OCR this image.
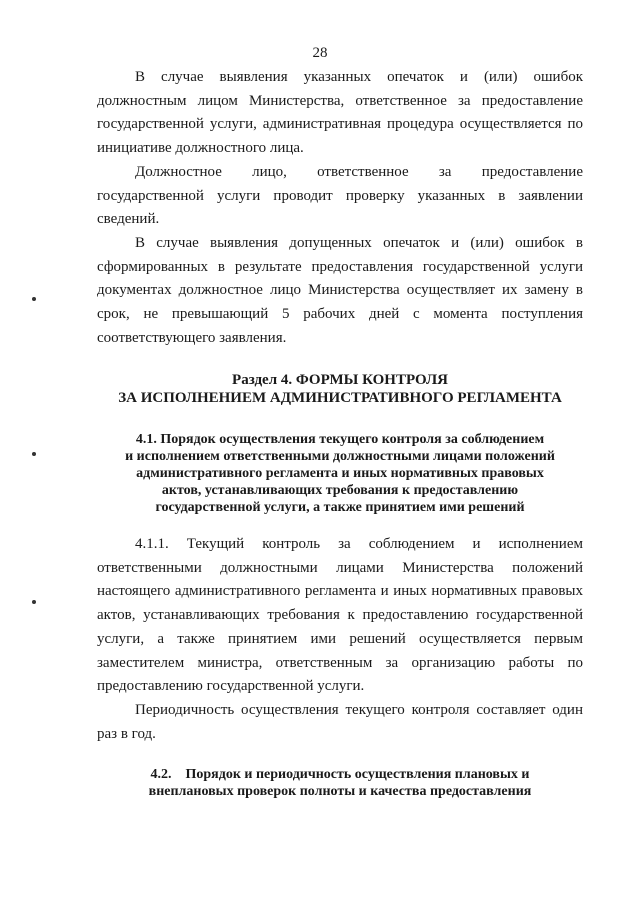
28

В случае выявления указанных опечаток и (или) ошибок должностным лицом Министерства, ответственное за предоставление государственной услуги, административная процедура осуществляется по инициативе должностного лица.

Должностное лицо, ответственное за предоставление государственной услуги проводит проверку указанных в заявлении сведений.

В случае выявления допущенных опечаток и (или) ошибок в сформированных в результате предоставления государственной услуги документах должностное лицо Министерства осуществляет их замену в срок, не превышающий 5 рабочих дней с момента поступления соответствующего заявления.

Раздел 4. ФОРМЫ КОНТРОЛЯ
ЗА ИСПОЛНЕНИЕМ АДМИНИСТРАТИВНОГО РЕГЛАМЕНТА
4.1. Порядок осуществления текущего контроля за соблюдением
и исполнением ответственными должностными лицами положений
административного регламента и иных нормативных правовых
актов, устанавливающих требования к предоставлению
государственной услуги, а также принятием ими решений

4.1.1. Текущий контроль за соблюдением и исполнением ответственными должностными лицами Министерства положений настоящего административного регламента и иных нормативных правовых актов, устанавливающих требования к предоставлению государственной услуги, а также принятием ими решений осуществляется первым заместителем министра, ответственным за организацию работы по предоставлению государственной услуги.

Периодичность осуществления текущего контроля составляет один раз в год.

4.2.    Порядок и периодичность осуществления плановых и
внеплановых проверок полноты и качества предоставления
